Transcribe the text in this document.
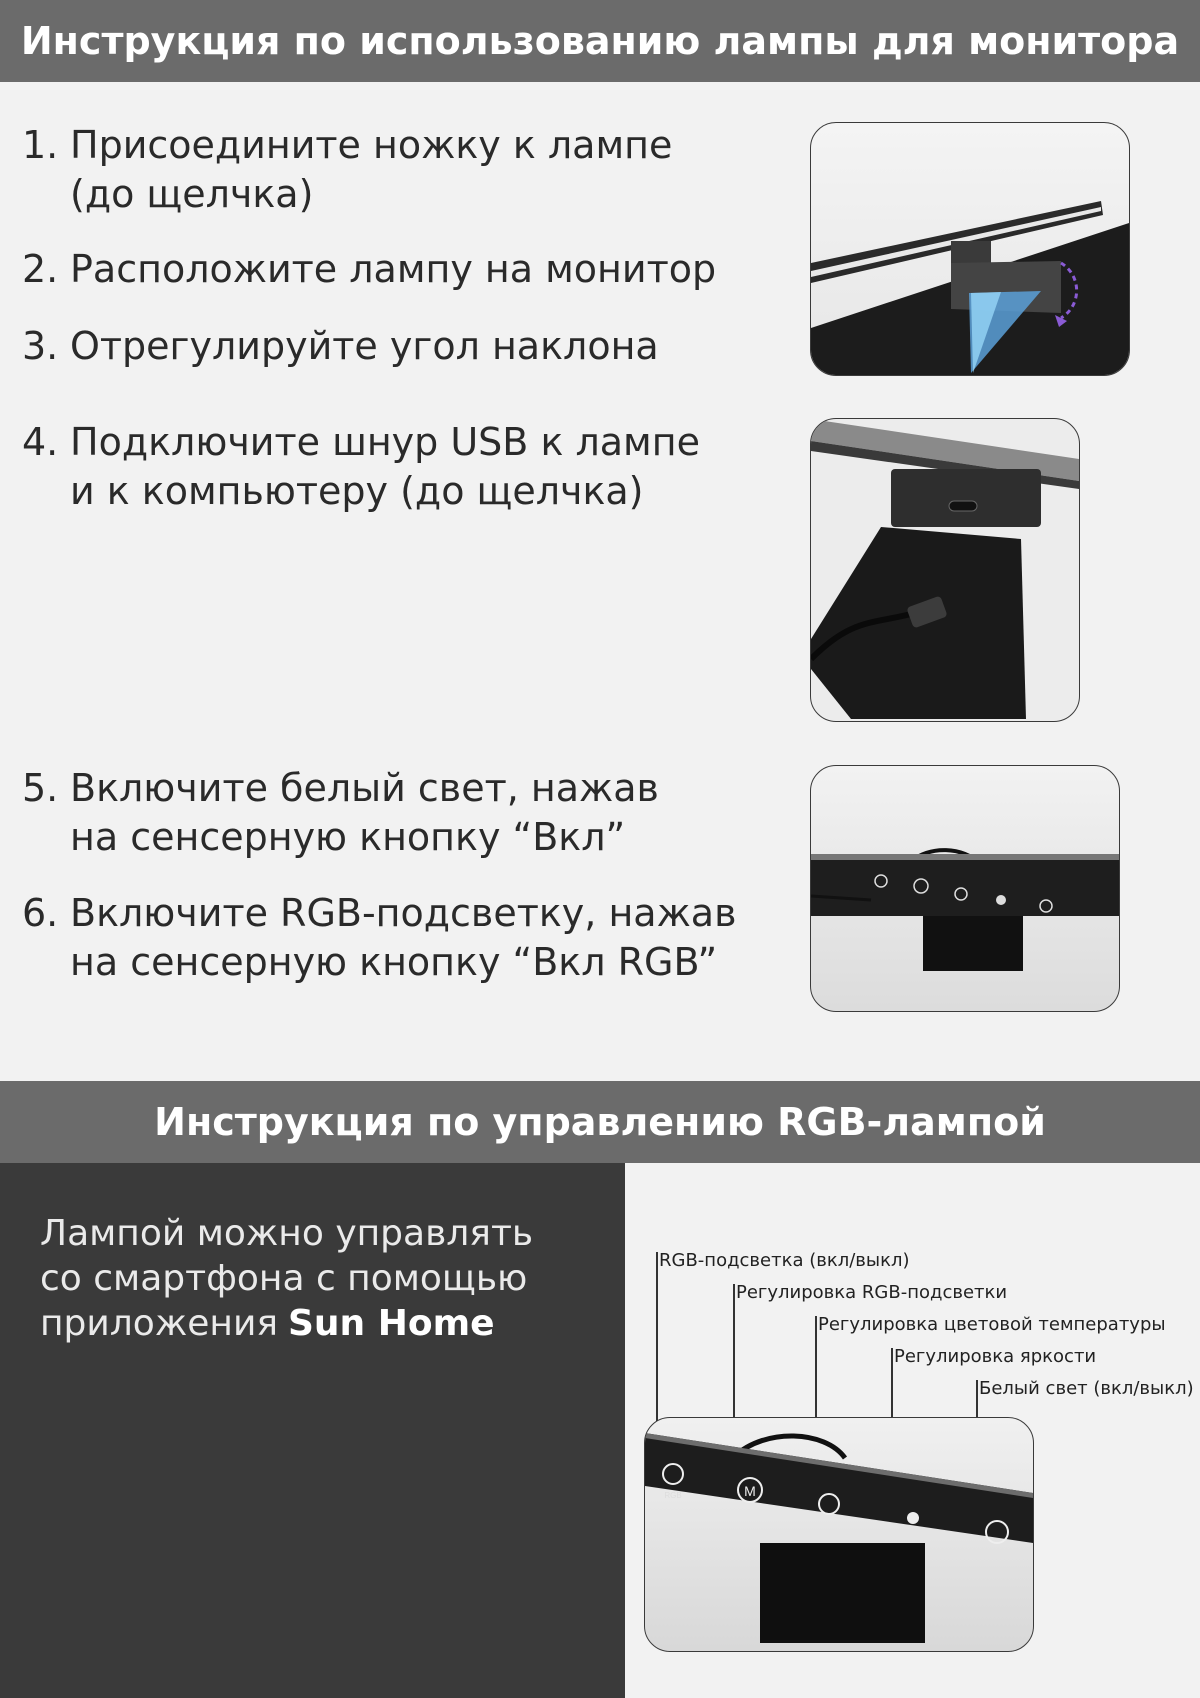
Инструкция по использованию лампы для монитора
1. Присоедините ножку к лампе
(до щелчка)
2. Расположите лампу на монитор
3. Отрегулируйте угол наклона
4. Подключите шнур USB к лампе
и к компьютеру (до щелчка)
5. Включите белый свет, нажав
на сенсерную кнопку “Вкл”
6. Включите RGB-подсветку, нажав
на сенсерную кнопку “Вкл RGB”
Инструкция по управлению RGB-лампой
Лампой можно управлять
со смартфона с помощью
приложения Sun Home
RGB-подсветка (вкл/выкл)
Регулировка RGB-подсветки
Регулировка цветовой температуры
Регулировка яркости
Белый свет (вкл/выкл)
RGB	M
